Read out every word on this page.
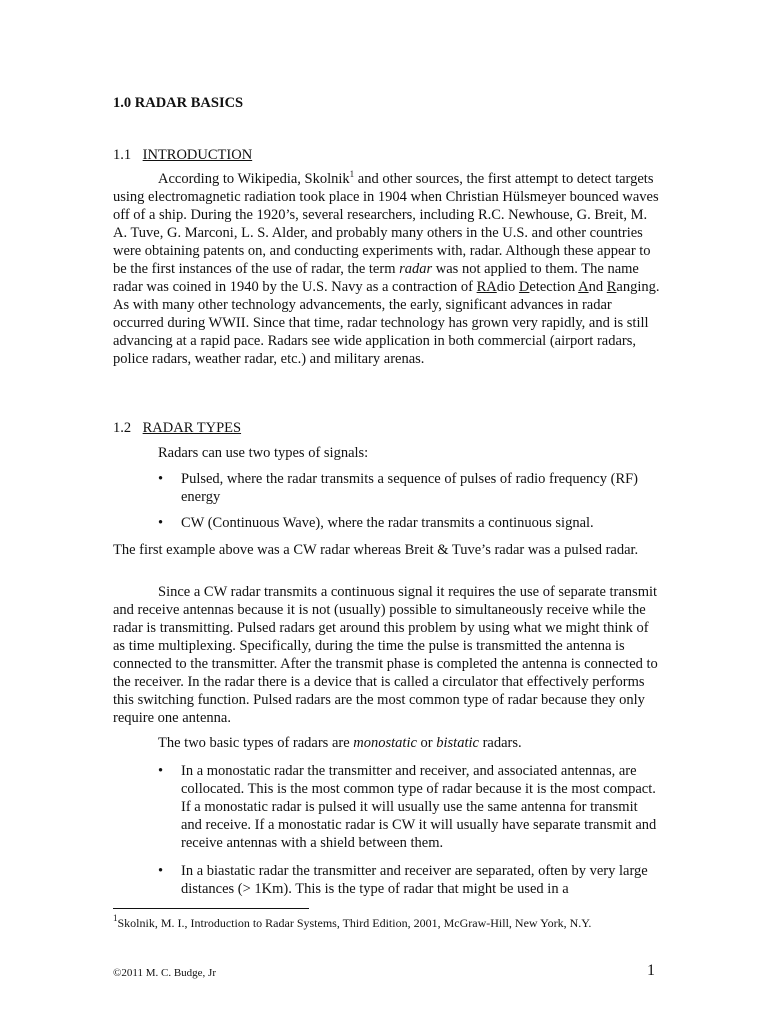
1.0 RADAR BASICS
1.1 INTRODUCTION
According to Wikipedia, Skolnik$^1$ and other sources, the first attempt to detect targets using electromagnetic radiation took place in 1904 when Christian Hülsmeyer bounced waves off of a ship. During the 1920’s, several researchers, including R.C. Newhouse, G. Breit, M. A. Tuve, G. Marconi, L. S. Alder, and probably many others in the U.S. and other countries were obtaining patents on, and conducting experiments with, radar. Although these appear to be the first instances of the use of radar, the term radar was not applied to them. The name radar was coined in 1940 by the U.S. Navy as a contraction of RAdio Detection And Ranging. As with many other technology advancements, the early, significant advances in radar occurred during WWII. Since that time, radar technology has grown very rapidly, and is still advancing at a rapid pace. Radars see wide application in both commercial (airport radars, police radars, weather radar, etc.) and military arenas.
1.2 RADAR TYPES
Radars can use two types of signals:
• Pulsed, where the radar transmits a sequence of pulses of radio frequency (RF) energy
• CW (Continuous Wave), where the radar transmits a continuous signal.
The first example above was a CW radar whereas Breit & Tuve’s radar was a pulsed radar.
Since a CW radar transmits a continuous signal it requires the use of separate transmit and receive antennas because it is not (usually) possible to simultaneously receive while the radar is transmitting. Pulsed radars get around this problem by using what we might think of as time multiplexing. Specifically, during the time the pulse is transmitted the antenna is connected to the transmitter. After the transmit phase is completed the antenna is connected to the receiver. In the radar there is a device that is called a circulator that effectively performs this switching function. Pulsed radars are the most common type of radar because they only require one antenna.
The two basic types of radars are monostatic or bistatic radars.
• In a monostatic radar the transmitter and receiver, and associated antennas, are collocated. This is the most common type of radar because it is the most compact. If a monostatic radar is pulsed it will usually use the same antenna for transmit and receive. If a monostatic radar is CW it will usually have separate transmit and receive antennas with a shield between them.
• In a biastatic radar the transmitter and receiver are separated, often by very large distances (> 1Km). This is the type of radar that might be used in a
$^1$Skolnik, M. I., Introduction to Radar Systems, Third Edition, 2001, McGraw-Hill, New York, N.Y.
©2011 M. C. Budge, Jr	1
